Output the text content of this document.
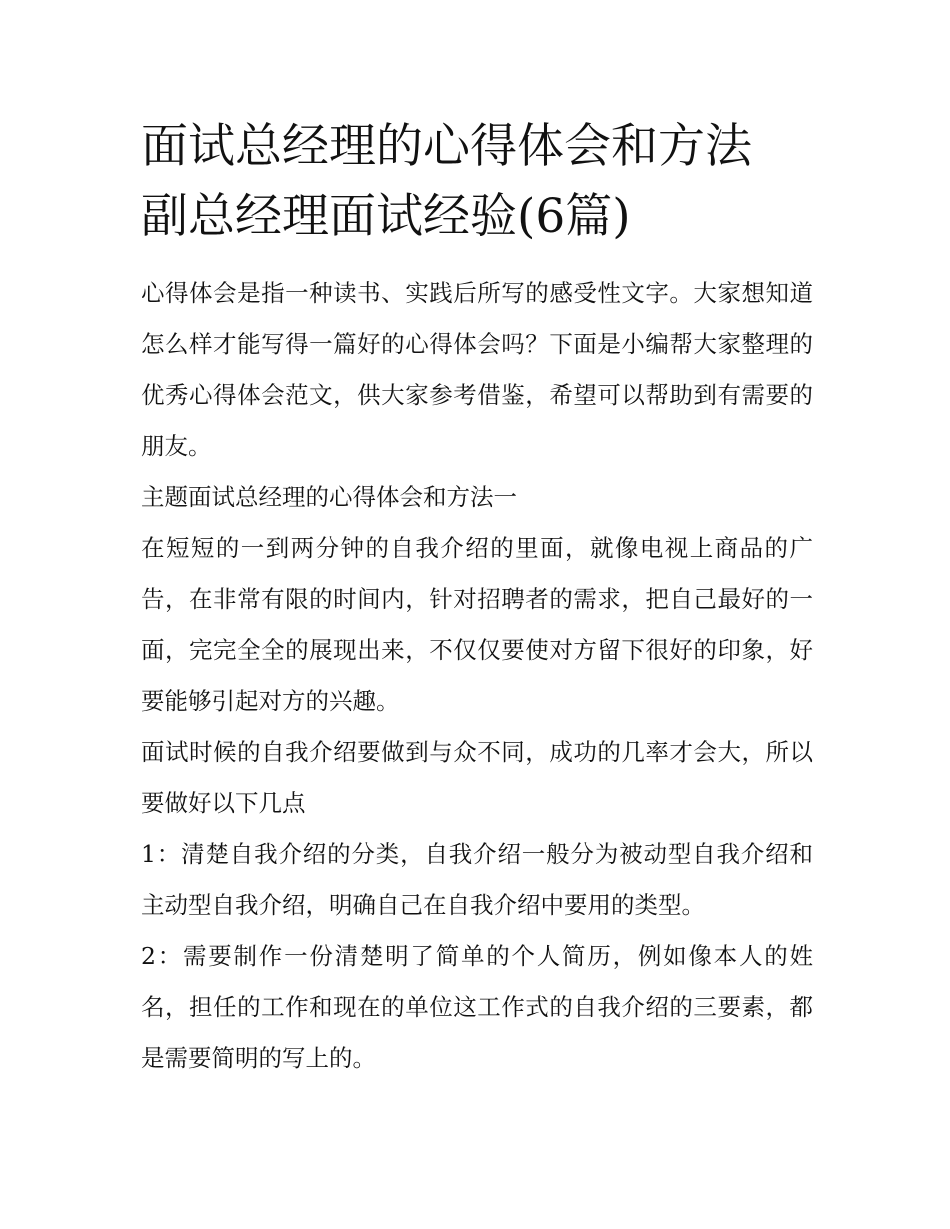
面试总经理的心得体会和方法
副总经理面试经验(6篇)

心得体会是指一种读书、实践后所写的感受性文字。大家想知道怎么样才能写得一篇好的心得体会吗？下面是小编帮大家整理的优秀心得体会范文，供大家参考借鉴，希望可以帮助到有需要的朋友。

主题面试总经理的心得体会和方法一

在短短的一到两分钟的自我介绍的里面，就像电视上商品的广告，在非常有限的时间内，针对招聘者的需求，把自己最好的一面，完完全全的展现出来，不仅仅要使对方留下很好的印象，好要能够引起对方的兴趣。

面试时候的自我介绍要做到与众不同，成功的几率才会大，所以要做好以下几点

1：清楚自我介绍的分类，自我介绍一般分为被动型自我介绍和主动型自我介绍，明确自己在自我介绍中要用的类型。

2：需要制作一份清楚明了简单的个人简历，例如像本人的姓名，担任的工作和现在的单位这工作式的自我介绍的三要素，都是需要简明的写上的。
